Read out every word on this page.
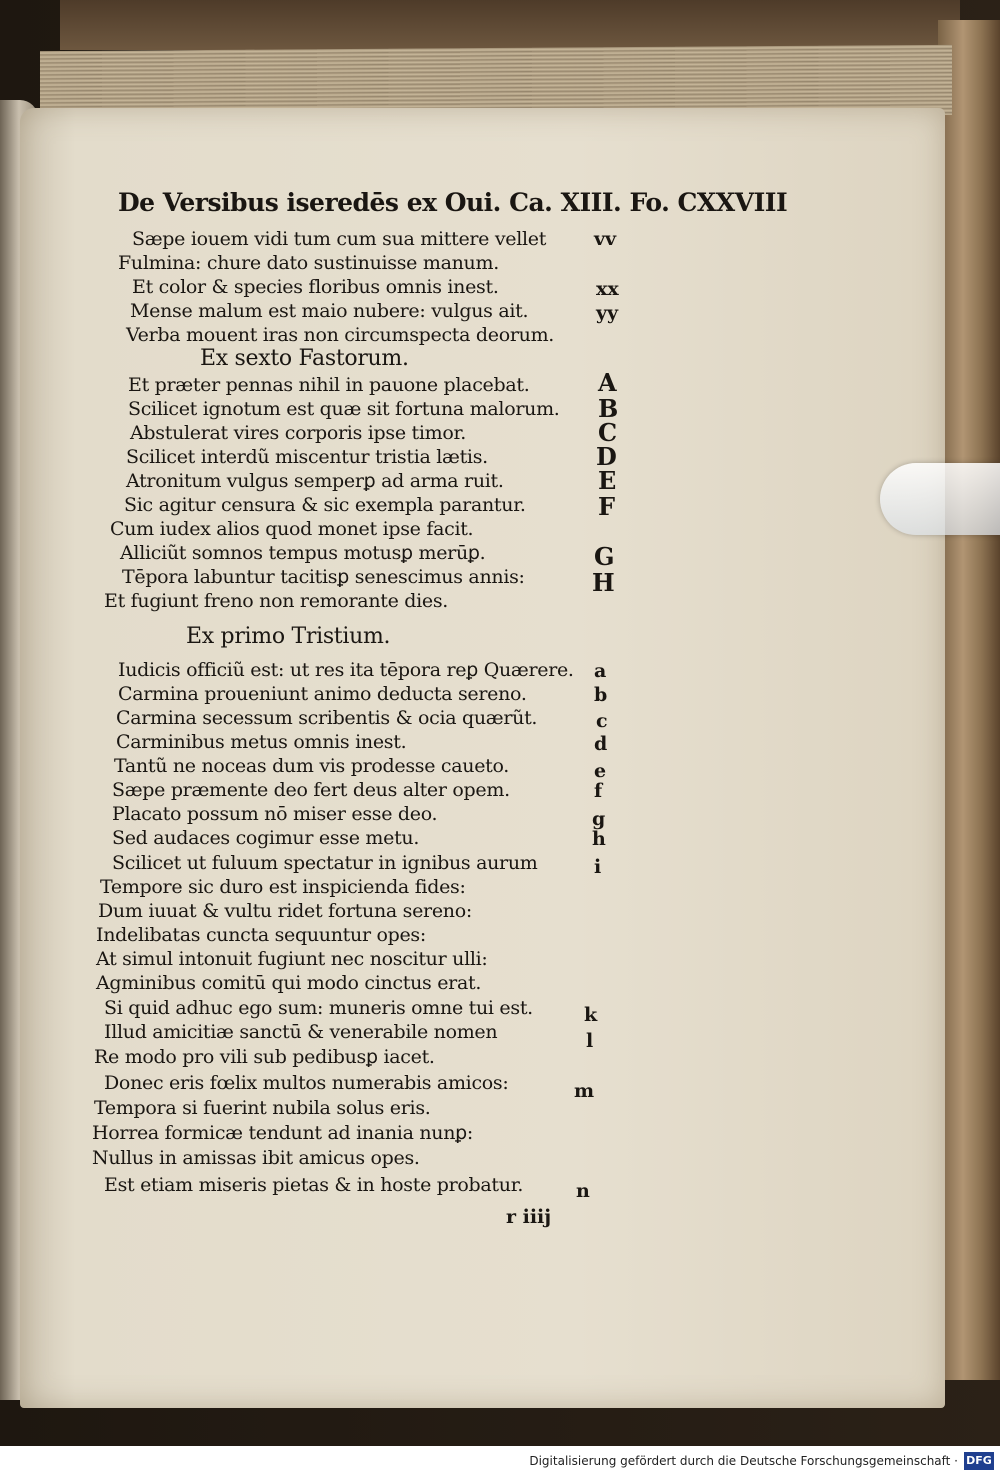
De Versibus iseredēs ex Oui. Ca. XIII. Fo. CXXVIII
Sæpe iouem vidi tum cum sua mittere vellet
Fulmina: chure dato sustinuisse manum.
Et color & species floribus omnis inest.
Mense malum est maio nubere: vulgus ait.
Verba mouent iras non circumspecta deorum.
Ex sexto Fastorum.
Et præter pennas nihil in pauone placebat.
Scilicet ignotum est quæ sit fortuna malorum.
Abstulerat vires corporis ipse timor.
Scilicet interdũ miscentur tristia lætis.
Atronitum vulgus semperꝑ ad arma ruit.
Sic agitur censura & sic exempla parantur.
Cum iudex alios quod monet ipse facit.
Alliciũt somnos tempus motusꝑ merūꝑ.
Tēpora labuntur tacitisꝑ senescimus annis:
Et fugiunt freno non remorante dies.
Ex primo Tristium.
Iudicis officiũ est: ut res ita tēpora reꝑ Quærere.
Carmina proueniunt animo deducta sereno.
Carmina secessum scribentis & ocia quærũt.
Carminibus metus omnis inest.
Tantũ ne noceas dum vis prodesse caueto.
Sæpe præmente deo fert deus alter opem.
Placato possum nō miser esse deo.
Sed audaces cogimur esse metu.
Scilicet ut fuluum spectatur in ignibus aurum
Tempore sic duro est inspicienda fides:
Dum iuuat & vultu ridet fortuna sereno:
Indelibatas cuncta sequuntur opes:
At simul intonuit fugiunt nec noscitur ulli:
Agminibus comitū qui modo cinctus erat.
Si quid adhuc ego sum: muneris omne tui est.
Illud amicitiæ sanctū & venerabile nomen
Re modo pro vili sub pedibusꝑ iacet.
Donec eris fœlix multos numerabis amicos:
Tempora si fuerint nubila solus eris.
Horrea formicæ tendunt ad inania nunꝑ:
Nullus in amissas ibit amicus opes.
Est etiam miseris pietas & in hoste probatur.
vv
xx
yy
A
B
C
D
E
F
G
H
a
b
c
d
e
f
g
h
i
k
l
m
n
r iiij
Digitalisierung gefördert durch die Deutsche Forschungsgemeinschaft · DFG
